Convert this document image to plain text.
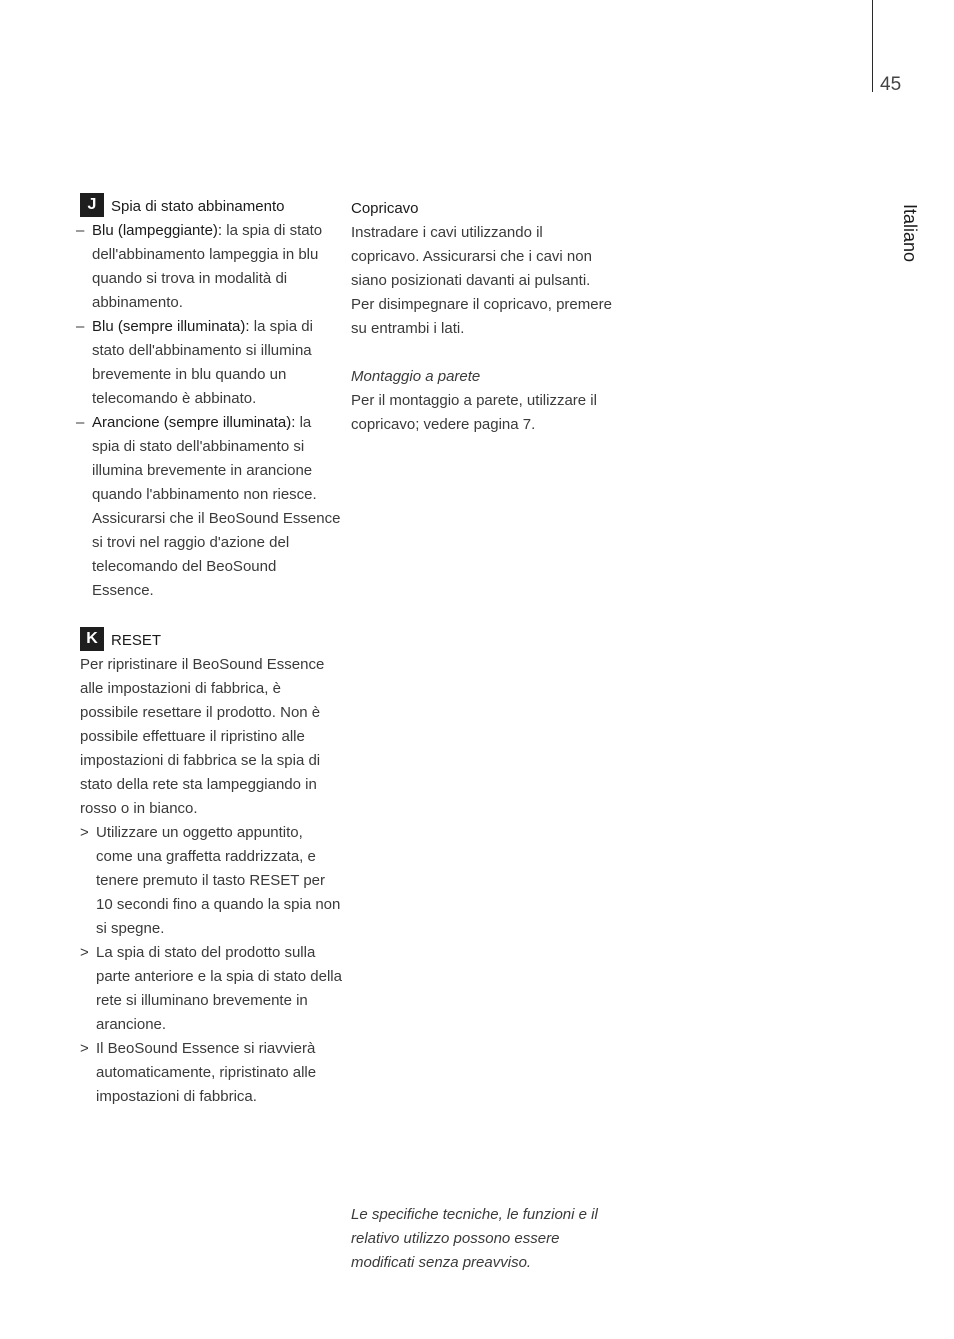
45
Italiano
J Spia di stato abbinamento
– Blu (lampeggiante): la spia di stato dell'abbinamento lampeggia in blu quando si trova in modalità di abbinamento.
– Blu (sempre illuminata): la spia di stato dell'abbinamento si illumina brevemente in blu quando un telecomando è abbinato.
– Arancione (sempre illuminata): la spia di stato dell'abbinamento si illumina brevemente in arancione quando l'abbinamento non riesce. Assicurarsi che il BeoSound Essence si trovi nel raggio d'azione del telecomando del BeoSound Essence.
K RESET
Per ripristinare il BeoSound Essence alle impostazioni di fabbrica, è possibile resettare il prodotto. Non è possibile effettuare il ripristino alle impostazioni di fabbrica se la spia di stato della rete sta lampeggiando in rosso o in bianco.
> Utilizzare un oggetto appuntito, come una graffetta raddrizzata, e tenere premuto il tasto RESET per 10 secondi fino a quando la spia non si spegne.
> La spia di stato del prodotto sulla parte anteriore e la spia di stato della rete si illuminano brevemente in arancione.
> Il BeoSound Essence si riavvierà automaticamente, ripristinato alle impostazioni di fabbrica.
Copricavo
Instradare i cavi utilizzando il copricavo. Assicurarsi che i cavi non siano posizionati davanti ai pulsanti. Per disimpegnare il copricavo, premere su entrambi i lati.
Montaggio a parete
Per il montaggio a parete, utilizzare il copricavo; vedere pagina 7.
Le specifiche tecniche, le funzioni e il relativo utilizzo possono essere modificati senza preavviso.
